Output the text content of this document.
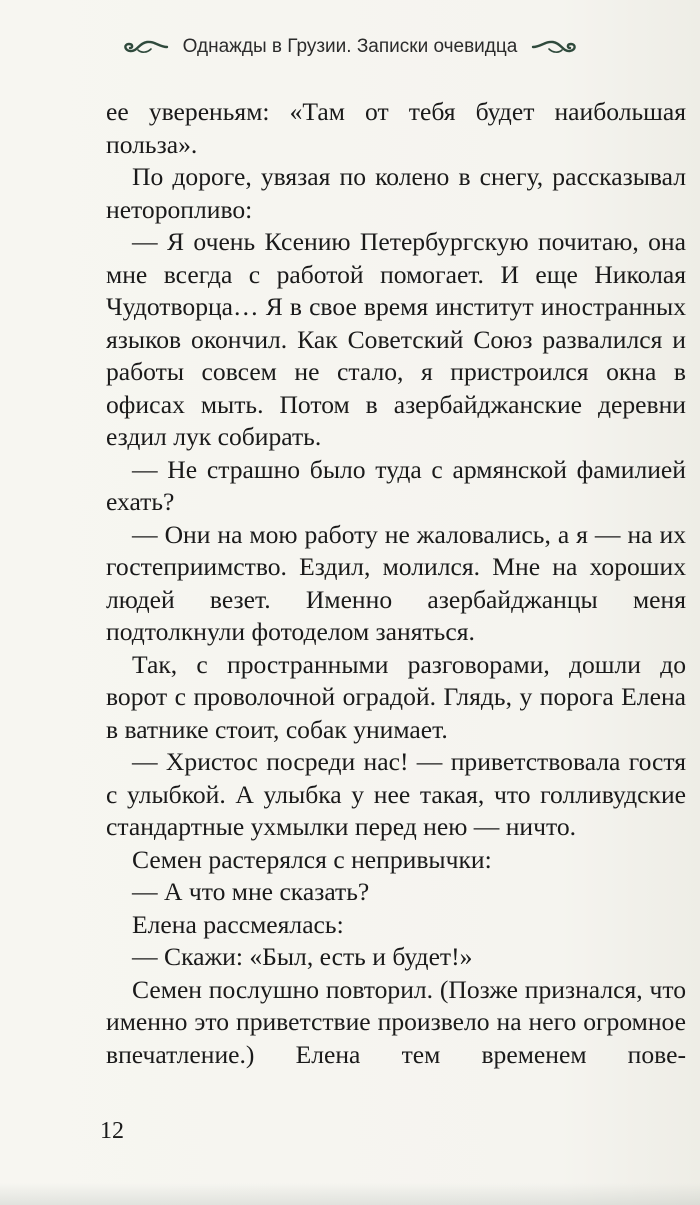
Однажды в Грузии. Записки очевидца

ее увереньям: «Там от тебя будет наибольшая польза».

По дороге, увязая по колено в снегу, рассказывал неторопливо:

— Я очень Ксению Петербургскую почитаю, она мне всегда с работой помогает. И еще Николая Чудотворца… Я в свое время институт иностранных языков окончил. Как Советский Союз развалился и работы совсем не стало, я пристроился окна в офисах мыть. Потом в азербайджанские деревни ездил лук собирать.

— Не страшно было туда с армянской фамилией ехать?

— Они на мою работу не жаловались, а я — на их гостеприимство. Ездил, молился. Мне на хороших людей везет. Именно азербайджанцы меня подтолкнули фотоделом заняться.

Так, с пространными разговорами, дошли до ворот с проволочной оградой. Глядь, у порога Елена в ватнике стоит, собак унимает.

— Христос посреди нас! — приветствовала гостя с улыбкой. А улыбка у нее такая, что голливудские стандартные ухмылки перед нею — ничто.

Семен растерялся с непривычки:

— А что мне сказать?

Елена рассмеялась:

— Скажи: «Был, есть и будет!»

Семен послушно повторил. (Позже признался, что именно это приветствие произвело на него огромное впечатление.) Елена тем временем пове-

12
